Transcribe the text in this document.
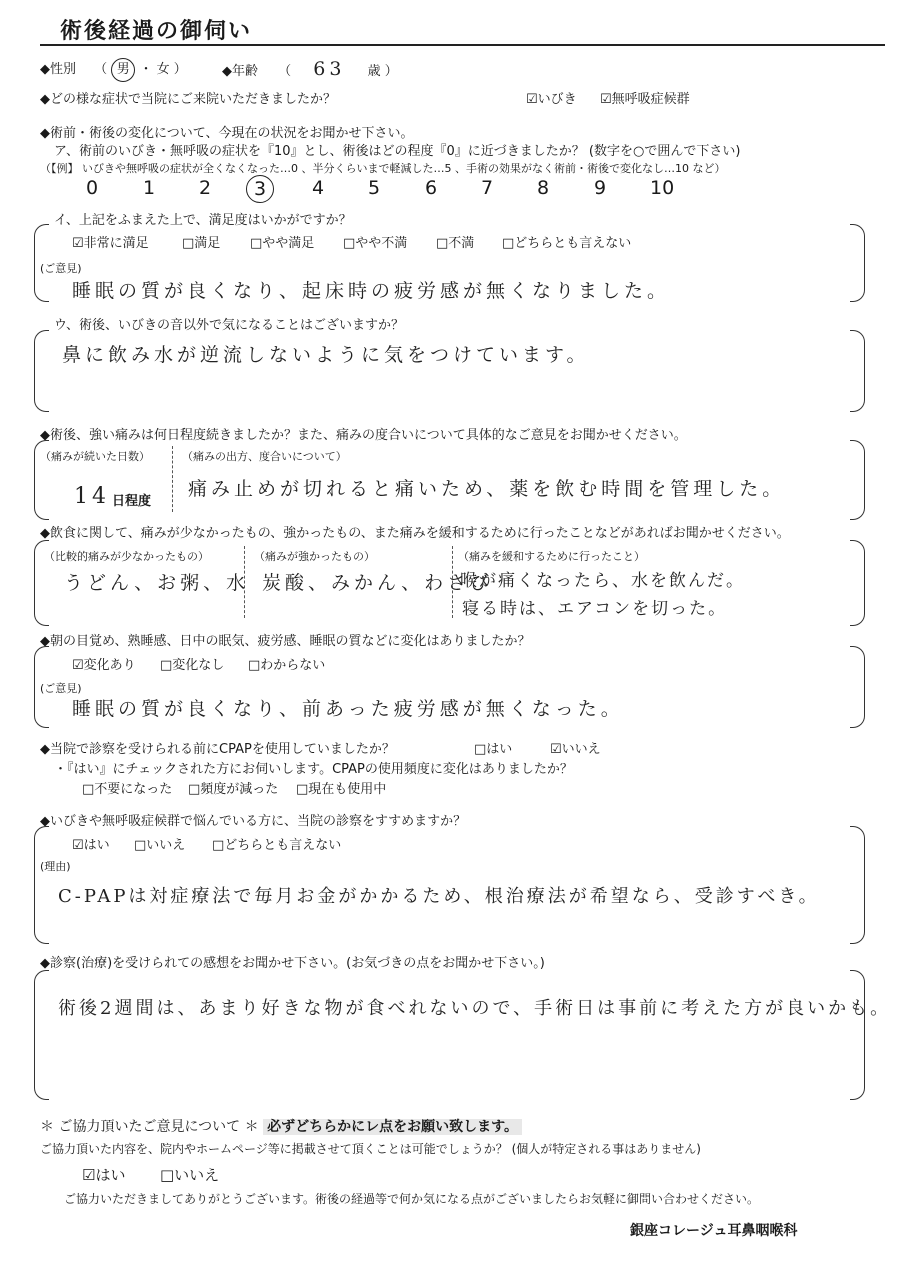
術後経過の御伺い
◆性別 （ 男 ・ 女 ）	◆年齢 （ 63 歳 ）
◆どの様な症状で当院にご来院いただきましたか？	☑いびき ☑無呼吸症候群
◆術前・術後の変化について、今現在の状況をお聞かせ下さい。
ア、術前のいびき・無呼吸の症状を『10』とし、術後はどの程度『0』に近づきましたか？ (数字を○で囲んで下さい)
（【例】 いびきや無呼吸の症状が全くなくなった…0 、半分くらいまで軽減した…5 、手術の効果がなく術前・術後で変化なし…10 など）
0 1 2	3	4 5 6 7 8 9 10
イ、上記をふまえた上で、満足度はいかがですか？
☑非常に満足	□満足 □やや満足 □やや不満 □不満 □どちらとも言えない
(ご意見)
睡眠の質が良くなり、起床時の疲労感が無くなりました。
ウ、術後、いびきの音以外で気になることはございますか？
鼻に飲み水が逆流しないように気をつけています。
◆術後、強い痛みは何日程度続きましたか？また、痛みの度合いについて具体的なご意見をお聞かせください。
（痛みが続いた日数）
14 日程度
（痛みの出方、度合いについて）
痛み止めが切れると痛いため、薬を飲む時間を管理した。
◆飲食に関して、痛みが少なかったもの、強かったもの、また痛みを緩和するために行ったことなどがあればお聞かせください。
（比較的痛みが少なかったもの）
うどん、お粥、水
（痛みが強かったもの）
炭酸、みかん、わさび
（痛みを緩和するために行ったこと）
喉が痛くなったら、水を飲んだ。
寝る時は、エアコンを切った。
◆朝の目覚め、熟睡感、日中の眠気、疲労感、睡眠の質などに変化はありましたか？
☑変化あり □変化なし □わからない
(ご意見)
睡眠の質が良くなり、前あった疲労感が無くなった。
◆当院で診察を受けられる前にCPAPを使用していましたか？	□はい	☑いいえ
・『はい』にチェックされた方にお伺いします。CPAPの使用頻度に変化はありましたか？
□不要になった □頻度が減った □現在も使用中
◆いびきや無呼吸症候群で悩んでいる方に、当院の診察をすすめますか？
☑はい □いいえ □どちらとも言えない
(理由)
C-PAPは対症療法で毎月お金がかかるため、根治療法が希望なら、受診すべき。
◆診察(治療)を受けられての感想をお聞かせ下さい。(お気づきの点をお聞かせ下さい。)
術後2週間は、あまり好きな物が食べれないので、手術日は事前に考えた方が良いかも。
＊ ご協力頂いたご意見について ＊ 必ずどちらかにレ点をお願い致します。
ご協力頂いた内容を、院内やホームページ等に掲載させて頂くことは可能でしょうか？ (個人が特定される事はありません)
☑はい □いいえ
ご協力いただきましてありがとうございます。術後の経過等で何か気になる点がございましたらお気軽に御問い合わせください。
銀座コレージュ耳鼻咽喉科
